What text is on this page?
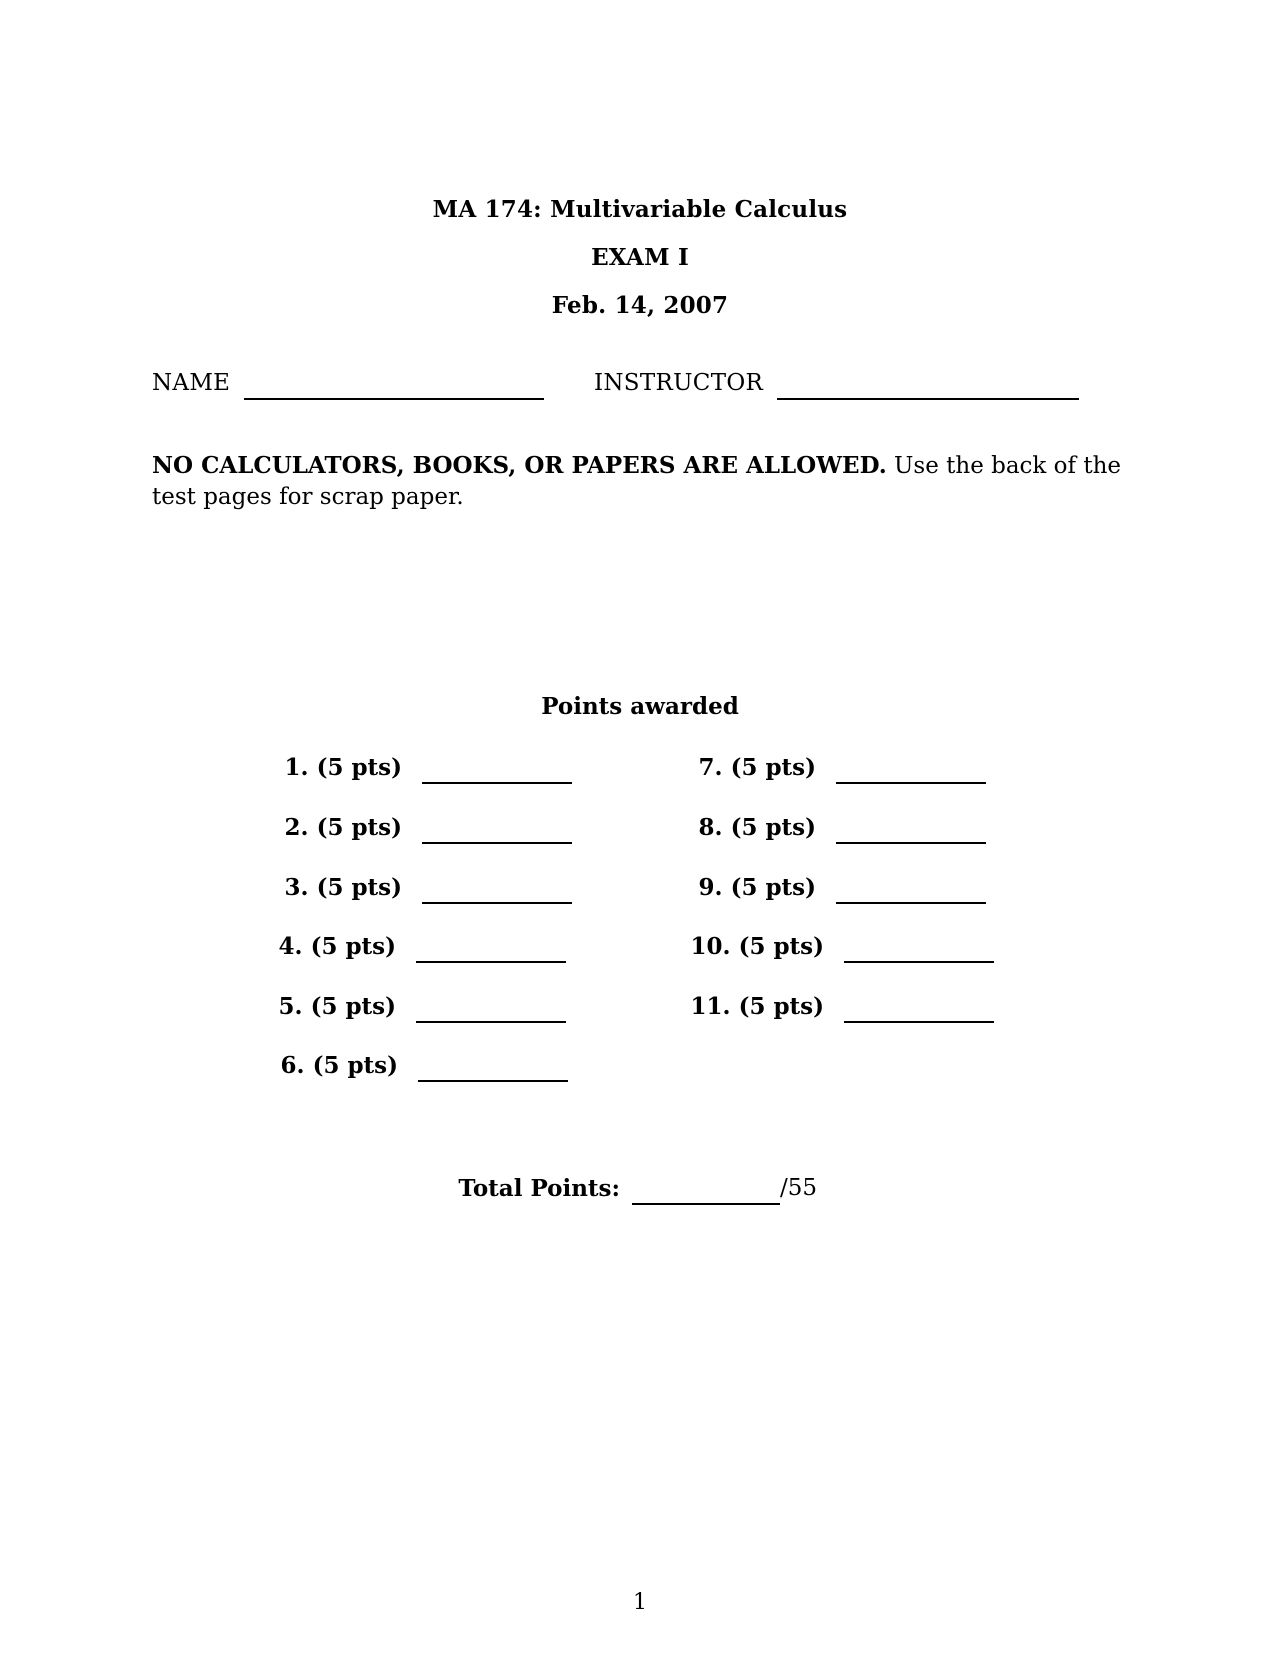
MA 174: Multivariable Calculus
EXAM I
Feb. 14, 2007
NAME	INSTRUCTOR
NO CALCULATORS, BOOKS, OR PAPERS ARE ALLOWED. Use the back of the test pages for scrap paper.
Points awarded
1. (5 pts)
2. (5 pts)
3. (5 pts)
4. (5 pts)
5. (5 pts)
6. (5 pts)
7. (5 pts)
8. (5 pts)
9. (5 pts)
10. (5 pts)
11. (5 pts)
Total Points:	/55
1
